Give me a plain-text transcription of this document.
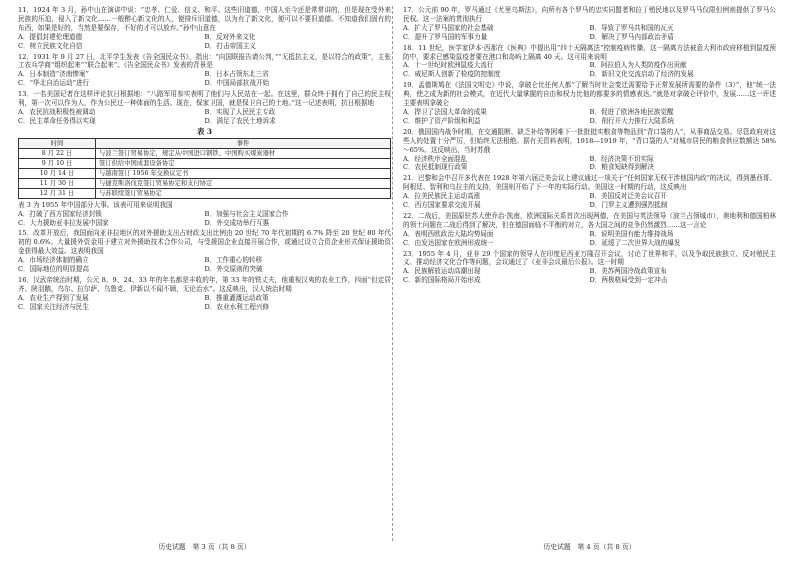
11．1924 年 3 月，孙中山在演讲中说：“忠孝、仁爱、信义、和平。这些旧道德，中国人至今还是常常讲的，但是现在受外来民族的压迫，侵入了新文化……一般醉心新文化的人，便排斥旧道德，以为有了新文化，便可以不要旧道德。不知道我们固有的东西，如果是好的，当然是要保存，不好的才可以放弃。”孙中山意在
A．提倡封建伦理道德	B．反对外来文化
C．树立民族文化自信	D．打击帝国主义
12．1931 年 9 月 27 日，北平学生发表《告全国民众书》，指出：“向国联报告请公判，”“无抵抗主义，是以符合的政策”，主张工农兵学商“组织起来”“联合起来”。《告全国民众书》发表的背景是
A．日本制造“济南惨案”	B．日本占领东北三省
C．“华北自治运动”进行	D．中国局部抗战开始
13．一名美国记者在这样评论抗日根据地：“八路军用参实表明了他们与人民站在一起。在这里，群众终于拥有了自己的民主权利，第一次可以作为人，作为公民过一种体面的生活。现在，保家卫国，就是保卫自己的土地。”这一记述表明，抗日根据地
A．农民抗战积极性被调动	B．实现了人民民主专政
C．民主革命任务得以实现	D．满足了农民土地诉求
表 3
时间	事件
8 月 22 日	与波兰签订贸易协定，规定从中国进口钢铁、中国购买煤炭器材
9 月 10 日	签订供给中国成套设备协定
10 月 14 日	与越南签订 1956 年交换议定书
11 月 30 日	与捷克斯洛伐克签订贸易协定和支付协定
12 月 31 日	与苏联续签订贸易协定
表 3 为 1955 年中国部分大事。该表可用来说明我国
A．打破了西方国家经济封锁	B．加强与社会主义国家合作
C．大力援助亚非拉发展中国家	D．外交成功举行互惠
15．改革开放后，我国面向亚非拉地区的对外援助支出占财政支出比例由 20 世纪 70 年代初期的 6.7% 降至 20 世纪 80 年代初的 0.6%。大量援外资金用于建立对外援助技术合作公司，与受援国企业直接开展合作，或通过设立合资企业形式保证援助资金获得最大效益。这表明我国
A．市场经济体制的确立	B．工作重心的转移
C．国际地位的明显提高	D．外交原则的突破
16．汉武帝统治时期，公元 8、9、24、33 年的年名都是丰收的年，第 33 年的铁丈夫，他重视汉夷的农业工作，四面“但定居齐、陕羽鹅，鸟尔、拉尔萨、乌鲁克、伊新以不闻不顾，无论治水”。这反映出，汉人统治时期
A．农业生产得到了发展	B．推重灌溉运动政策
C．国家关注经济与民生	D．农业水利工程兴修
17．公元前 90 年，罗马通过《尤里乌斯法》，向所有各个罗马的忠实同盟者和拉丁殖民地以及罗马马仅限但例则提供了罗马公民权。这一法案的贯彻执行
A．扩大了罗马国家的社会基础	B．导致了罗马共和国的瓦灭
C．提升了罗马国的军事力量	D．解决了罗马内部政治矛盾
18．11 世纪，医学家伊本·西那在《医典》中提出用“四十天隔离法”控制疫病传播，这一隔离方法被意大利市政府移植到鼠疫预防中，要求已感染鼠疫者要在港口和岛屿上隔离 40 天。这可用来说明
A．十一世纪时欧洲鼠疫大流行	B．阿拉伯人为人类防疫作出贡献
C．威尼斯人创新了检疫防控制度	D．新旧文化交流启动了经济的发展
19．孟德斯鸠在《法国文明史》中说，拿破仑比任何人都“了解当时社会变迁需要给予正常发展所需要的条件（3）”，他“统一法典，使之成为新的社会模式，在近代大量掌握的自由和权力比他的都要多的情感表达。”就是对拿破仑评价中，发展……这一评述主要表明拿破仑
A．捍卫了法国大革命的成果	B．促进了欧洲各地民族觉醒
C．维护了资产阶级和利益	D．削行开大力推行大陆系统
20．俄国国内战争时期，在交通阻断、缺乏补给等困难下一批批挺实粮食等物品到“背口袋的人”，从事商品交易。尽管政府对这些人的处置十分严厉，但始终无法根绝。据有关资料表明，1918—1919 年，“背口袋的人”对城市居民的粮食供应数额达 58%～65%。这反映出，当时苏俄
A．经济秩序全面混乱	B．经济决策不切实际
C．农民抵制现行政策	D．粮食短缺得到解决
21．巴黎和会中召开多代表在 1928 年第六届泛美会议上建议通过一项关于“任何国家无权干涉他国内政”的决议，得到墨西哥、阿根廷、智利和乌拉圭的支持，美国则开始了下一年的实际行动。美国这一时期的行动，这反映出
A．拉美民族民主运动高涨	B．美国反对泛美会议召开
C．西方国家要求交流开展	D．门罗主义遭到强烈抵制
22．二战后，美国原驻苏大使乔治·凯南，欧洲国际关系首次出现两德，在美国与英法领导（波兰占领城市），奥地利和德国柏林的领土问题在二战后得到了解决，但在德国面临不平衡的对立，各大国之间的竞争仍然激烈……这一言论
A．表明西欧政治大陆均势局面	B．说明美国有能力维持战场
C．由发达国家在欧洲形成统一	D．延缓了二次世界大战的爆发
23．1955 年 4 月，亚非 29 个国家的领导人在印度尼西亚万隆召开会议，讨论了世界和平，以及争取民族独立、反对殖民主义、推动经济文化合作等问题，会议通过了《亚非会议最后公报》。这一时期
A．民族解放运动高潮出现	B．美苏两国冷战政策宣布
C．新的国际格局开始形成	D．两极格局受到一定冲击
历史试题　第 3 页（共 8 页）	历史试题　第 4 页（共 8 页）
